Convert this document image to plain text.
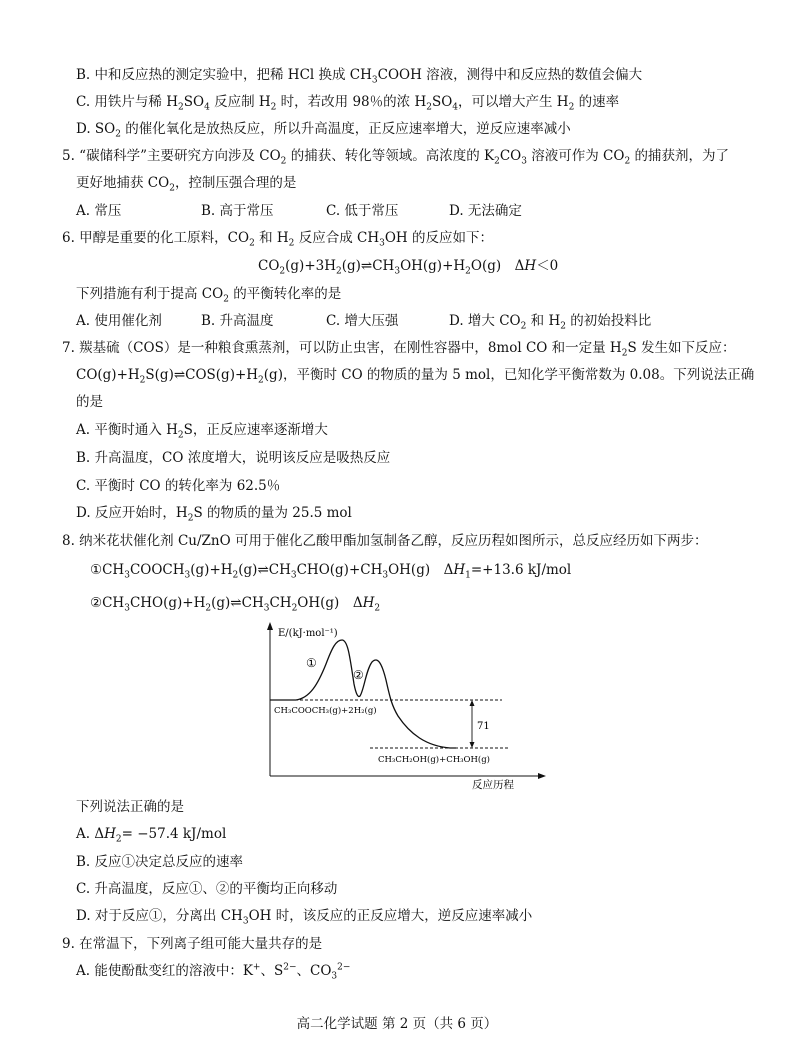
B. 中和反应热的测定实验中，把稀 HCl 换成 $CH_3COOH$ 溶液，测得中和反应热的数值会偏大
C. 用铁片与稀 $H_2SO_4$ 反应制 $H_2$ 时，若改用 98％的浓 $H_2SO_4$，可以增大产生 $H_2$ 的速率
D. $SO_2$ 的催化氧化是放热反应，所以升高温度，正反应速率增大，逆反应速率减小
5. “碳储科学”主要研究方向涉及 $CO_2$ 的捕获、转化等领域。高浓度的 $K_2CO_3$ 溶液可作为 $CO_2$ 的捕获剂，为了
更好地捕获 $CO_2$，控制压强合理的是
A. 常压	B. 高于常压	C. 低于常压	D. 无法确定
6. 甲醇是重要的化工原料，$CO_2$ 和 $H_2$ 反应合成 $CH_3OH$ 的反应如下：
$CO_2(g)+3H_2(g)\rightleftharpoons CH_3OH(g)+H_2O(g)$　ΔH＜0
下列措施有利于提高 $CO_2$ 的平衡转化率的是
A. 使用催化剂	B. 升高温度	C. 增大压强	D. 增大 $CO_2$ 和 $H_2$ 的初始投料比
7. 羰基硫（COS）是一种粮食熏蒸剂，可以防止虫害，在刚性容器中，8mol CO 和一定量 $H_2S$ 发生如下反应：
$CO(g)+H_2S(g)\rightleftharpoons COS(g)+H_2(g)$，平衡时 CO 的物质的量为 5 mol，已知化学平衡常数为 0.08。下列说法正确
的是
A. 平衡时通入 $H_2S$，正反应速率逐渐增大
B. 升高温度，CO 浓度增大，说明该反应是吸热反应
C. 平衡时 CO 的转化率为 62.5％
D. 反应开始时，$H_2S$ 的物质的量为 25.5 mol
8. 纳米花状催化剂 Cu/ZnO 可用于催化乙酸甲酯加氢制备乙醇，反应历程如图所示，总反应经历如下两步：
$①CH_3COOCH_3(g)+H_2(g)\rightleftharpoons CH_3CHO(g)+CH_3OH(g)$　$\Delta H_1=+13.6$ kJ/mol
$②CH_3CHO(g)+H_2(g)\rightleftharpoons CH_3CH_2OH(g)$　$\Delta H_2$
E/(kJ·mol⁻¹)
反应历程
①
②
CH₃COOCH₃(g)+2H₂(g)
CH₃CH₂OH(g)+CH₃OH(g)
71
下列说法正确的是
A. $\Delta H_2= -57.4$ kJ/mol
B. 反应①决定总反应的速率
C. 升高温度，反应①、②的平衡均正向移动
D. 对于反应①，分离出 $CH_3OH$ 时，该反应的正反应增大，逆反应速率减小
9. 在常温下，下列离子组可能大量共存的是
A. 能使酚酞变红的溶液中：K+、$S^{2-}$、$CO_3^{2-}$
高二化学试题 第 2 页（共 6 页）
